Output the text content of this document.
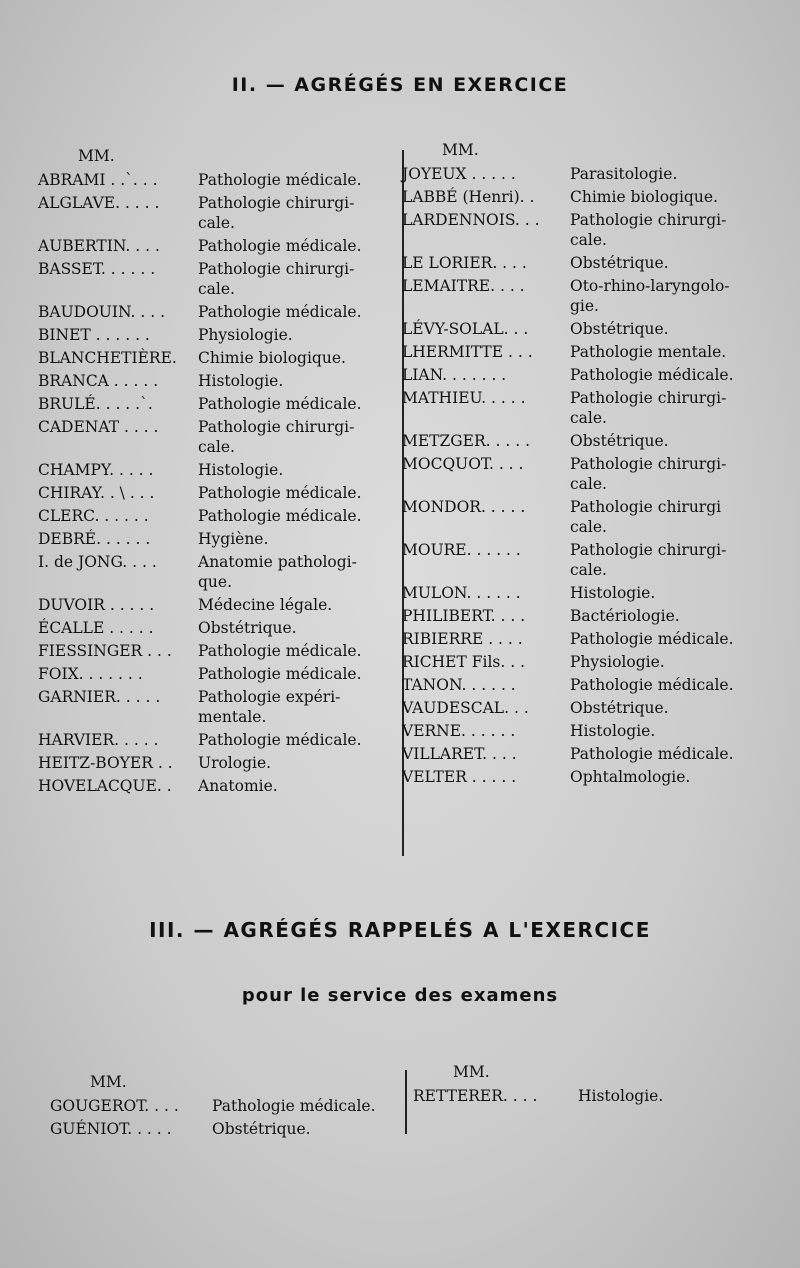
II. — AGRÉGÉS EN EXERCICE
MM.
ABRAMI . .`. . .	Pathologie médicale.
ALGLAVE. . . . .	Pathologie chirurgi-
cale.
AUBERTIN. . . .	Pathologie médicale.
BASSET. . . . . .	Pathologie chirurgi-
cale.
BAUDOUIN. . . .	Pathologie médicale.
BINET . . . . . .	Physiologie.
BLANCHETIÈRE.	Chimie biologique.
BRANCA . . . . .	Histologie.
BRULÉ. . . . .`.	Pathologie médicale.
CADENAT . . . .	Pathologie chirurgi-
cale.
CHAMPY. . . . .	Histologie.
CHIRAY. . \ . . .	Pathologie médicale.
CLERC. . . . . .	Pathologie médicale.
DEBRÉ. . . . . .	Hygiène.
I. de JONG. . . .	Anatomie pathologi-
que.
DUVOIR . . . . .	Médecine légale.
ÉCALLE . . . . .	Obstétrique.
FIESSINGER . . .	Pathologie médicale.
FOIX. . . . . . .	Pathologie médicale.
GARNIER. . . . .	Pathologie expéri-
mentale.
HARVIER. . . . .	Pathologie médicale.
HEITZ-BOYER . .	Urologie.
HOVELACQUE. .	Anatomie.
MM.
JOYEUX . . . . .	Parasitologie.
LABBÉ (Henri). .	Chimie biologique.
LARDENNOIS. . .	Pathologie chirurgi-
cale.
LE LORIER. . . .	Obstétrique.
LEMAITRE. . . .	Oto-rhino-laryngolo-
gie.
LÉVY-SOLAL. . .	Obstétrique.
LHERMITTE . . .	Pathologie mentale.
LIAN. . . . . . .	Pathologie médicale.
MATHIEU. . . . .	Pathologie chirurgi-
cale.
METZGER. . . . .	Obstétrique.
MOCQUOT. . . .	Pathologie chirurgi-
cale.
MONDOR. . . . .	Pathologie chirurgi
cale.
MOURE. . . . . .	Pathologie chirurgi-
cale.
MULON. . . . . .	Histologie.
PHILIBERT. . . .	Bactériologie.
RIBIERRE . . . .	Pathologie médicale.
RICHET Fils. . .	Physiologie.
TANON. . . . . .	Pathologie médicale.
VAUDESCAL. . .	Obstétrique.
VERNE. . . . . .	Histologie.
VILLARET. . . .	Pathologie médicale.
VELTER . . . . .	Ophtalmologie.
III. — AGRÉGÉS RAPPELÉS A L'EXERCICE
pour le service des examens
MM.
GOUGEROT. . . .	Pathologie médicale.
GUÉNIOT. . . . .	Obstétrique.
MM.
RETTERER. . . .	Histologie.
